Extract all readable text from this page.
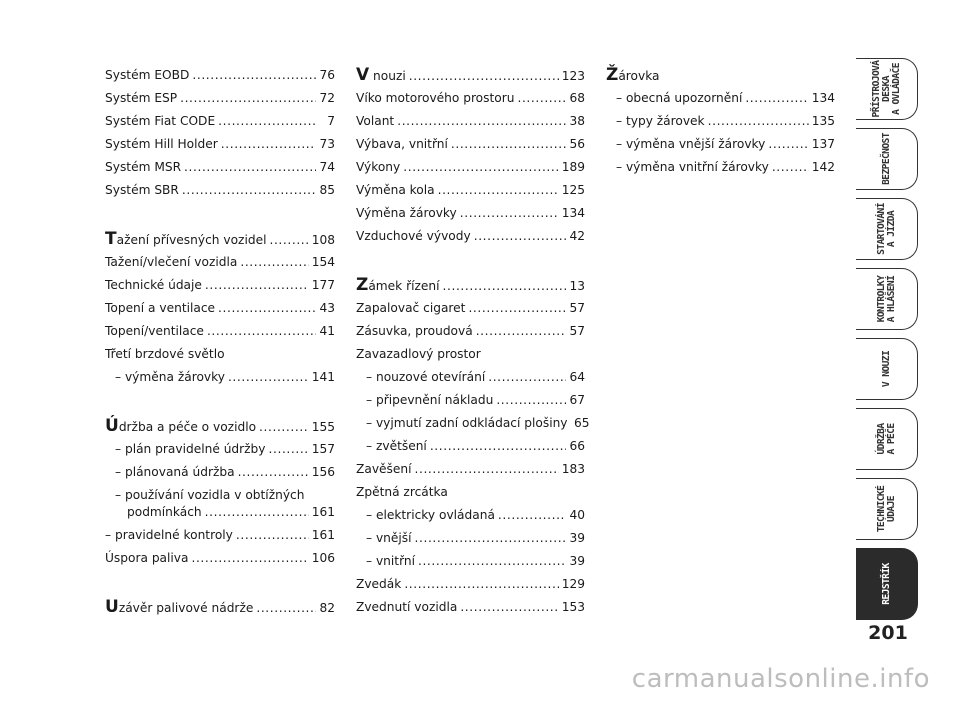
Systém EOBD .....	76
Systém ESP .....	72
Systém Fiat CODE .....	7
Systém Hill Holder .....	73
Systém MSR .....	74
Systém SBR .....	85
Tažení přívesných vozidel .....	108
Tažení/vlečení vozidla .....	154
Technické údaje .....	177
Topení a ventilace .....	43
Topení/ventilace .....	41
Třetí brzdové světlo
– výměna žárovky .....	141
Údržba a péče o vozidlo .....	155
– plán pravidelné údržby .....	157
– plánovaná údržba .....	156
– používání vozidla v obtížných
podmínkách .....	161
– pravidelné kontroly .....	161
Úspora paliva .....	106
Uzávěr palivové nádrže .....	82
V nouzi .....	123
Víko motorového prostoru .....	68
Volant .....	38
Výbava, vnitřní .....	56
Výkony .....	189
Výměna kola .....	125
Výměna žárovky .....	134
Vzduchové vývody .....	42
Zámek řízení .....	13
Zapalovač cigaret .....	57
Zásuvka, proudová .....	57
Zavazadlový prostor
– nouzové otevírání .....	64
– připevnění nákladu .....	67
– vyjmutí zadní odkládací plošiny 65
– zvětšení .....	66
Zavěšení .....	183
Zpětná zrcátka
– elektricky ovládaná .....	40
– vnější .....	39
– vnitřní .....	39
Zvedák .....	129
Zvednutí vozidla .....	153
Žárovka
– obecná upozornění .....	134
– typy žárovek .....	135
– výměna vnější žárovky .....	137
– výměna vnitřní žárovky .....	142
PŘÍSTROJOVÁ
DESKA
A OVLÁDAČE
BEZPEČNOST
STARTOVÁNÍ
A JÍZDA
KONTROLKY
A HLÁŠENÍ
V NOUZI
ÚDRŽBA
A PÉČE
TECHNICKÉ
ÚDAJE
REJSTŘÍK
201
carmanualsonline.info
